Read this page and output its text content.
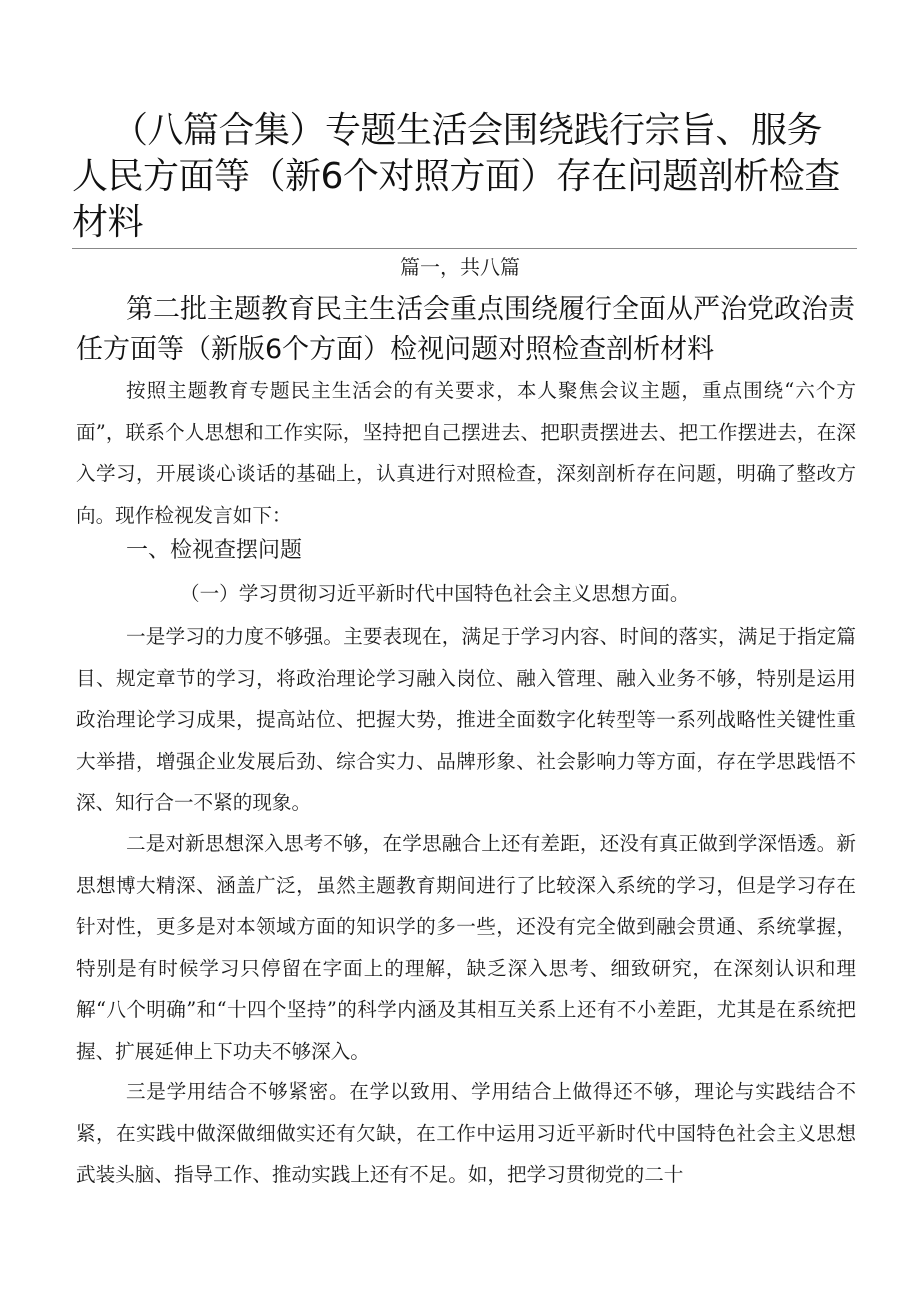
（八篇合集）专题生活会围绕践行宗旨、服务人民方面等（新6个对照方面）存在问题剖析检查材料
篇一，共八篇
第二批主题教育民主生活会重点围绕履行全面从严治党政治责任方面等（新版6个方面）检视问题对照检查剖析材料

按照主题教育专题民主生活会的有关要求，本人聚焦会议主题，重点围绕“六个方面”，联系个人思想和工作实际，坚持把自己摆进去、把职责摆进去、把工作摆进去，在深入学习，开展谈心谈话的基础上，认真进行对照检查，深刻剖析存在问题，明确了整改方向。现作检视发言如下：

一、检视查摆问题
（一）学习贯彻习近平新时代中国特色社会主义思想方面。

一是学习的力度不够强。主要表现在，满足于学习内容、时间的落实，满足于指定篇目、规定章节的学习，将政治理论学习融入岗位、融入管理、融入业务不够，特别是运用政治理论学习成果，提高站位、把握大势，推进全面数字化转型等一系列战略性关键性重大举措，增强企业发展后劲、综合实力、品牌形象、社会影响力等方面，存在学思践悟不深、知行合一不紧的现象。

二是对新思想深入思考不够，在学思融合上还有差距，还没有真正做到学深悟透。新思想博大精深、涵盖广泛，虽然主题教育期间进行了比较深入系统的学习，但是学习存在针对性，更多是对本领域方面的知识学的多一些，还没有完全做到融会贯通、系统掌握，特别是有时候学习只停留在字面上的理解，缺乏深入思考、细致研究，在深刻认识和理解“八个明确”和“十四个坚持”的科学内涵及其相互关系上还有不小差距，尤其是在系统把握、扩展延伸上下功夫不够深入。

三是学用结合不够紧密。在学以致用、学用结合上做得还不够，理论与实践结合不紧，在实践中做深做细做实还有欠缺，在工作中运用习近平新时代中国特色社会主义思想武装头脑、指导工作、推动实践上还有不足。如，把学习贯彻党的二十
